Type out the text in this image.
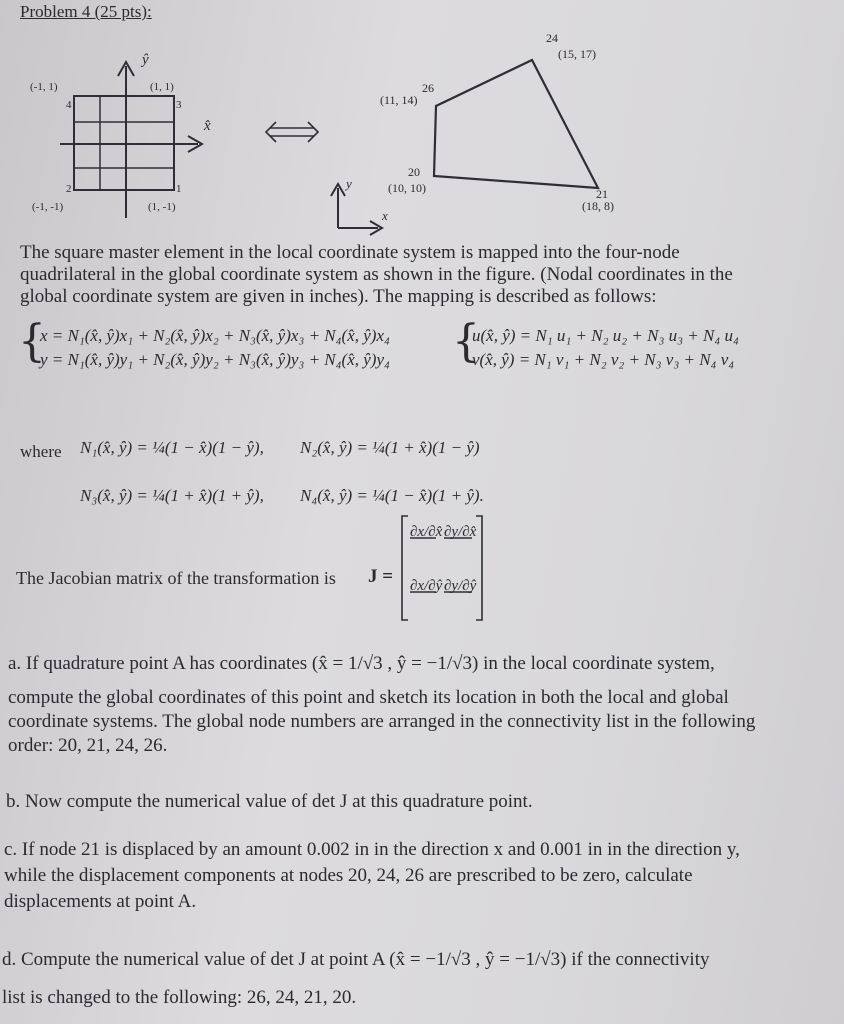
Problem 4 (25 pts):
ŷ
x̂
(-1, 1)
4
(1, 1)
3
(-1, -1)
2
(1, -1)
1	y
x
24
(15, 17)
26
(11, 14)
20
(10, 10)	21
(18, 8)
The square master element in the local coordinate system is mapped into the four-node
quadrilateral in the global coordinate system as shown in the figure. (Nodal coordinates in the
global coordinate system are given in inches). The mapping is described as follows:
{
x = N₁(x̂, ŷ)x₁ + N₂(x̂, ŷ)x₂ + N₃(x̂, ŷ)x₃ + N₄(x̂, ŷ)x₄
y = N₁(x̂, ŷ)y₁ + N₂(x̂, ŷ)y₂ + N₃(x̂, ŷ)y₃ + N₄(x̂, ŷ)y₄ {
u(x̂, ŷ) = N₁ u₁ + N₂ u₂ + N₃ u₃ + N₄ u₄
v(x̂, ŷ) = N₁ v₁ + N₂ v₂ + N₃ v₃ + N₄ v₄
where N₁(x̂, ŷ) = ¼(1 − x̂)(1 − ŷ), N₂(x̂, ŷ) = ¼(1 + x̂)(1 − ŷ)
N₃(x̂, ŷ) = ¼(1 + x̂)(1 + ŷ), N₄(x̂, ŷ) = ¼(1 − x̂)(1 + ŷ).
The Jacobian matrix of the transformation is J =
∂x/∂x̂ ∂y/∂x̂
∂x/∂ŷ ∂y/∂ŷ
a. If quadrature point A has coordinates (x̂ = 1/√3 , ŷ = −1/√3) in the local coordinate system,
compute the global coordinates of this point and sketch its location in both the local and global
coordinate systems. The global node numbers are arranged in the connectivity list in the following
order: 20, 21, 24, 26.
b. Now compute the numerical value of det J at this quadrature point.
c. If node 21 is displaced by an amount 0.002 in in the direction x and 0.001 in in the direction y,
while the displacement components at nodes 20, 24, 26 are prescribed to be zero, calculate
displacements at point A.
d. Compute the numerical value of det J at point A (x̂ = −1/√3 , ŷ = −1/√3) if the connectivity
list is changed to the following: 26, 24, 21, 20.
